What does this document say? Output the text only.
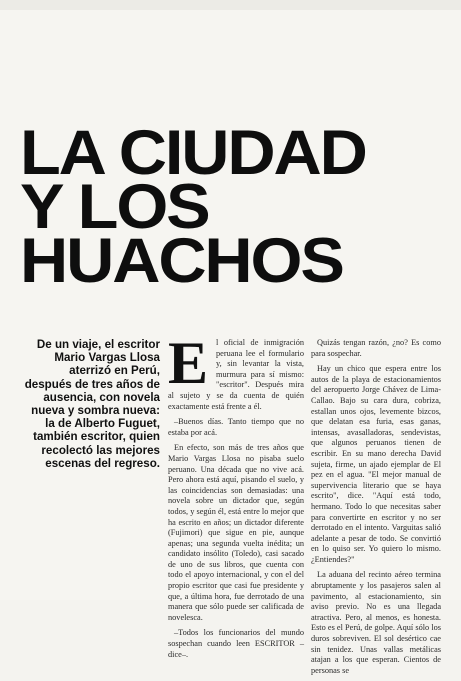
LA CIUDAD
Y LOS
HUACHOS
De un viaje, el escritor Mario Vargas Llosa aterrizó en Perú, después de tres años de ausencia, con novela nueva y sombra nueva: la de Alberto Fuguet, también escritor, quien recolectó las mejores escenas del regreso.
E l oficial de inmigración peruana lee el formulario y, sin levantar la vista, murmura para sí mismo: "escritor". Después mira al sujeto y se da cuenta de quién exactamente está frente a él.

–Buenos días. Tanto tiempo que no estaba por acá.

En efecto, son más de tres años que Mario Vargas Llosa no pisaba suelo peruano. Una década que no vive acá. Pero ahora está aquí, pisando el suelo, y las coincidencias son demasiadas: una novela sobre un dictador que, según todos, y según él, está entre lo mejor que ha escrito en años; un dictador diferente (Fujimori) que sigue en pie, aunque apenas; una segunda vuelta inédita; un candidato insólito (Toledo), casi sacado de uno de sus libros, que cuenta con todo el apoyo internacional, y con el del propio escritor que casi fue presidente y que, a última hora, fue derrotado de una manera que sólo puede ser calificada de novelesca.

–Todos los funcionarios del mundo sospechan cuando leen ESCRITOR –dice–.

Quizás tengan razón, ¿no? Es como para sospechar.

Hay un chico que espera entre los autos de la playa de estacionamientos del aeropuerto Jorge Chávez de Lima-Callao. Bajo su cara dura, cobriza, estallan unos ojos, levemente bizcos, que delatan esa furia, esas ganas, intensas, avasalladoras, sendevistas, que algunos peruanos tienen de escribir. En su mano derecha David sujeta, firme, un ajado ejemplar de El pez en el agua. "El mejor manual de supervivencia literario que se haya escrito", dice. "Aquí está todo, hermano. Todo lo que necesitas saber para convertirte en escritor y no ser derrotado en el intento. Varguitas salió adelante a pesar de todo. Se convirtió en lo quiso ser. Yo quiero lo mismo. ¿Entiendes?"

La aduana del recinto aéreo termina abruptamente y los pasajeros salen al pavimento, al estacionamiento, sin aviso previo. No es una llegada atractiva. Pero, al menos, es honesta. Esto es el Perú, de golpe. Aquí sólo los duros sobreviven. El sol desértico cae sin tenidez. Unas vallas metálicas atajan a los que esperan. Cientos de personas se
